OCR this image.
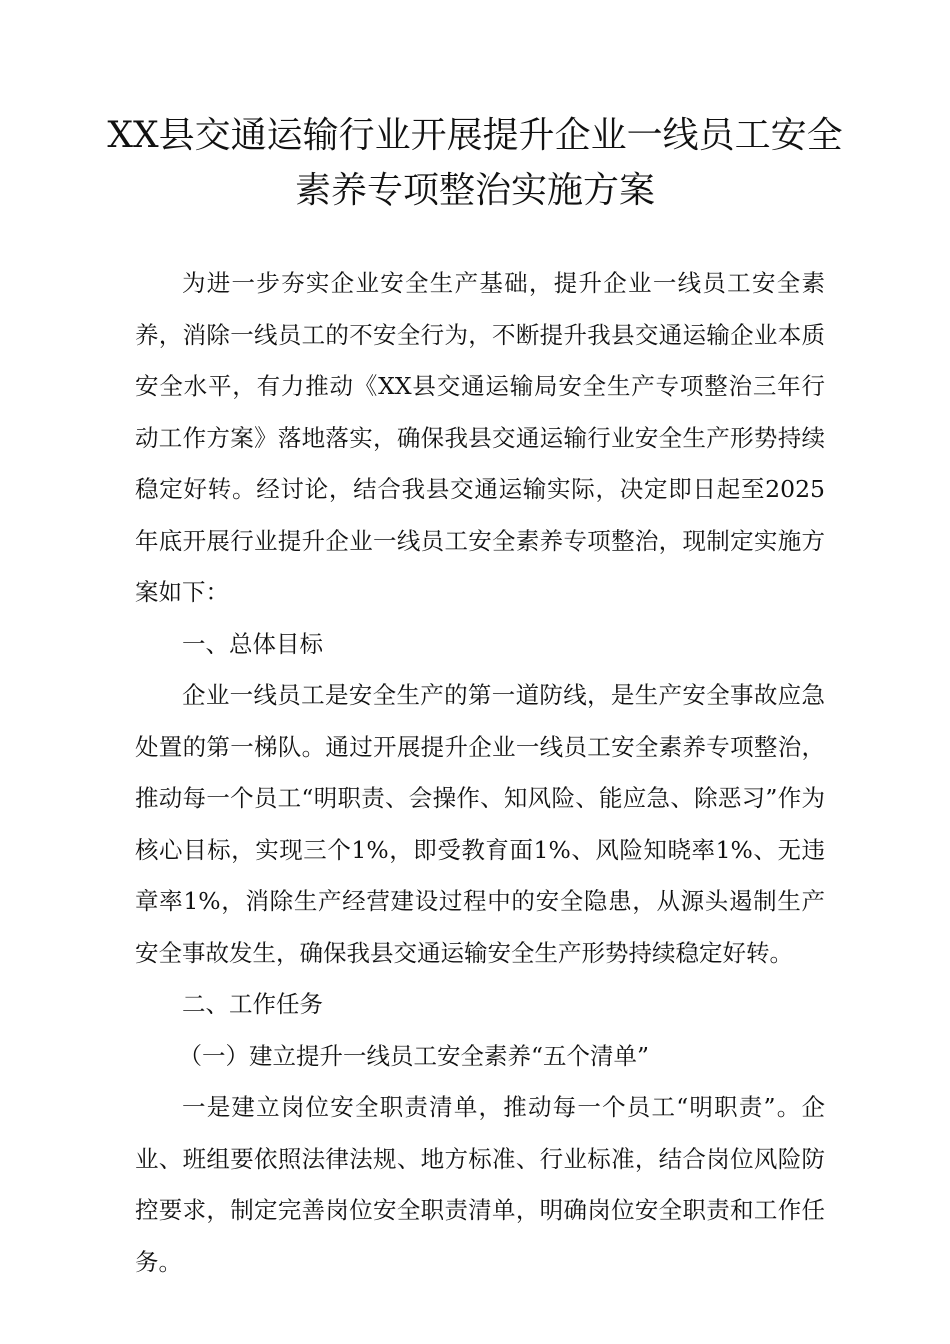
XX县交通运输行业开展提升企业一线员工安全
素养专项整治实施方案

为进一步夯实企业安全生产基础，提升企业一线员工安全素养，消除一线员工的不安全行为，不断提升我县交通运输企业本质安全水平，有力推动《XX县交通运输局安全生产专项整治三年行动工作方案》落地落实，确保我县交通运输行业安全生产形势持续稳定好转。经讨论，结合我县交通运输实际，决定即日起至2025年底开展行业提升企业一线员工安全素养专项整治，现制定实施方案如下：

一、总体目标

企业一线员工是安全生产的第一道防线，是生产安全事故应急处置的第一梯队。通过开展提升企业一线员工安全素养专项整治，推动每一个员工“明职责、会操作、知风险、能应急、除恶习”作为核心目标，实现三个1%，即受教育面1%、风险知晓率1%、无违章率1%，消除生产经营建设过程中的安全隐患，从源头遏制生产安全事故发生，确保我县交通运输安全生产形势持续稳定好转。

二、工作任务

（一）建立提升一线员工安全素养“五个清单”

一是建立岗位安全职责清单，推动每一个员工“明职责”。企业、班组要依照法律法规、地方标准、行业标准，结合岗位风险防控要求，制定完善岗位安全职责清单，明确岗位安全职责和工作任务。
